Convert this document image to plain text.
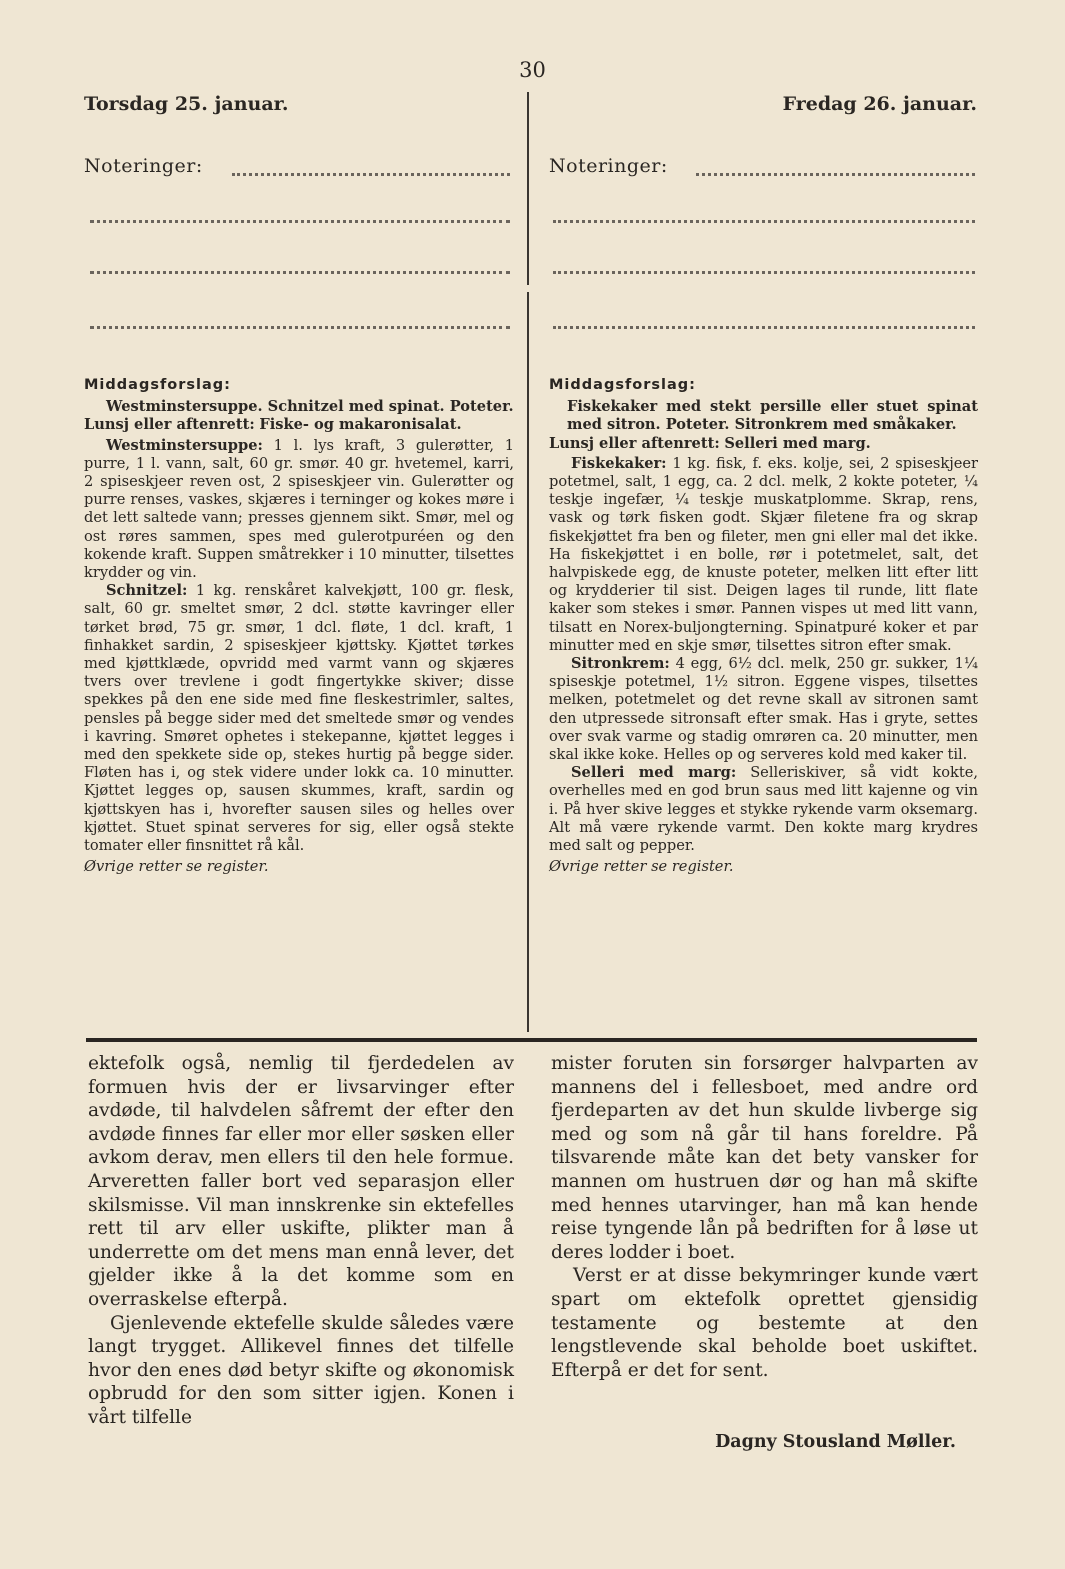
30
Torsdag 25. januar.	Fredag 26. januar.
Noteringer:	Noteringer:

Middagsforslag:

Westminstersuppe. Schnitzel med spinat. Poteter.

Lunsj eller aftenrett: Fiske- og makaronisalat.

Westminstersuppe: 1 l. lys kraft, 3 gulerøtter, 1 purre, 1 l. vann, salt, 60 gr. smør. 40 gr. hvetemel, karri, 2 spiseskjeer reven ost, 2 spiseskjeer vin. Gulerøtter og purre renses, vaskes, skjæres i terninger og kokes møre i det lett saltede vann; presses gjennem sikt. Smør, mel og ost røres sammen, spes med gulerotpuréen og den kokende kraft. Suppen småtrekker i 10 minutter, tilsettes krydder og vin.

Schnitzel: 1 kg. renskåret kalvekjøtt, 100 gr. flesk, salt, 60 gr. smeltet smør, 2 dcl. støtte kavringer eller tørket brød, 75 gr. smør, 1 dcl. fløte, 1 dcl. kraft, 1 finhakket sardin, 2 spiseskjeer kjøttsky. Kjøttet tørkes med kjøttklæde, opvridd med varmt vann og skjæres tvers over trevlene i godt fingertykke skiver; disse spekkes på den ene side med fine fleskestrimler, saltes, pensles på begge sider med det smeltede smør og vendes i kavring. Smøret ophetes i stekepanne, kjøttet legges i med den spekkete side op, stekes hurtig på begge sider. Fløten has i, og stek videre under lokk ca. 10 minutter. Kjøttet legges op, sausen skummes, kraft, sardin og kjøttskyen has i, hvorefter sausen siles og helles over kjøttet. Stuet spinat serveres for sig, eller også stekte tomater eller finsnittet rå kål.

Øvrige retter se register.

Middagsforslag:

Fiskekaker med stekt persille eller stuet spinat med sitron. Poteter. Sitronkrem med småkaker.

Lunsj eller aftenrett: Selleri med marg.

Fiskekaker: 1 kg. fisk, f. eks. kolje, sei, 2 spiseskjeer potetmel, salt, 1 egg, ca. 2 dcl. melk, 2 kokte poteter, ¼ teskje ingefær, ¼ teskje muskatplomme. Skrap, rens, vask og tørk fisken godt. Skjær filetene fra og skrap fiskekjøttet fra ben og fileter, men gni eller mal det ikke. Ha fiskekjøttet i en bolle, rør i potetmelet, salt, det halvpiskede egg, de knuste poteter, melken litt efter litt og krydderier til sist. Deigen lages til runde, litt flate kaker som stekes i smør. Pannen vispes ut med litt vann, tilsatt en Norex-buljongterning. Spinatpuré koker et par minutter med en skje smør, tilsettes sitron efter smak.

Sitronkrem: 4 egg, 6½ dcl. melk, 250 gr. sukker, 1¼ spiseskje potetmel, 1½ sitron. Eggene vispes, tilsettes melken, potetmelet og det revne skall av sitronen samt den utpressede sitronsaft efter smak. Has i gryte, settes over svak varme og stadig omrøren ca. 20 minutter, men skal ikke koke. Helles op og serveres kold med kaker til.

Selleri med marg: Selleriskiver, så vidt kokte, overhelles med en god brun saus med litt kajenne og vin i. På hver skive legges et stykke rykende varm oksemarg. Alt må være rykende varmt. Den kokte marg krydres med salt og pepper.

Øvrige retter se register.

ektefolk også, nemlig til fjerdedelen av formuen hvis der er livsarvinger efter avdøde, til halvdelen såfremt der efter den avdøde finnes far eller mor eller søsken eller avkom derav, men ellers til den hele formue. Arveretten faller bort ved separasjon eller skilsmisse. Vil man innskrenke sin ektefelles rett til arv eller uskifte, plikter man å underrette om det mens man ennå lever, det gjelder ikke å la det komme som en overraskelse efterpå.

Gjenlevende ektefelle skulde således være langt trygget. Allikevel finnes det tilfelle hvor den enes død betyr skifte og økonomisk opbrudd for den som sitter igjen. Konen i vårt tilfelle

mister foruten sin forsørger halvparten av mannens del i fellesboet, med andre ord fjerdeparten av det hun skulde livberge sig med og som nå går til hans foreldre. På tilsvarende måte kan det bety vansker for mannen om hustruen dør og han må skifte med hennes utarvinger, han må kan hende reise tyngende lån på bedriften for å løse ut deres lodder i boet.

Verst er at disse bekymringer kunde vært spart om ektefolk oprettet gjensidig testamente og bestemte at den lengstlevende skal beholde boet uskiftet. Efterpå er det for sent.

Dagny Stousland Møller.
